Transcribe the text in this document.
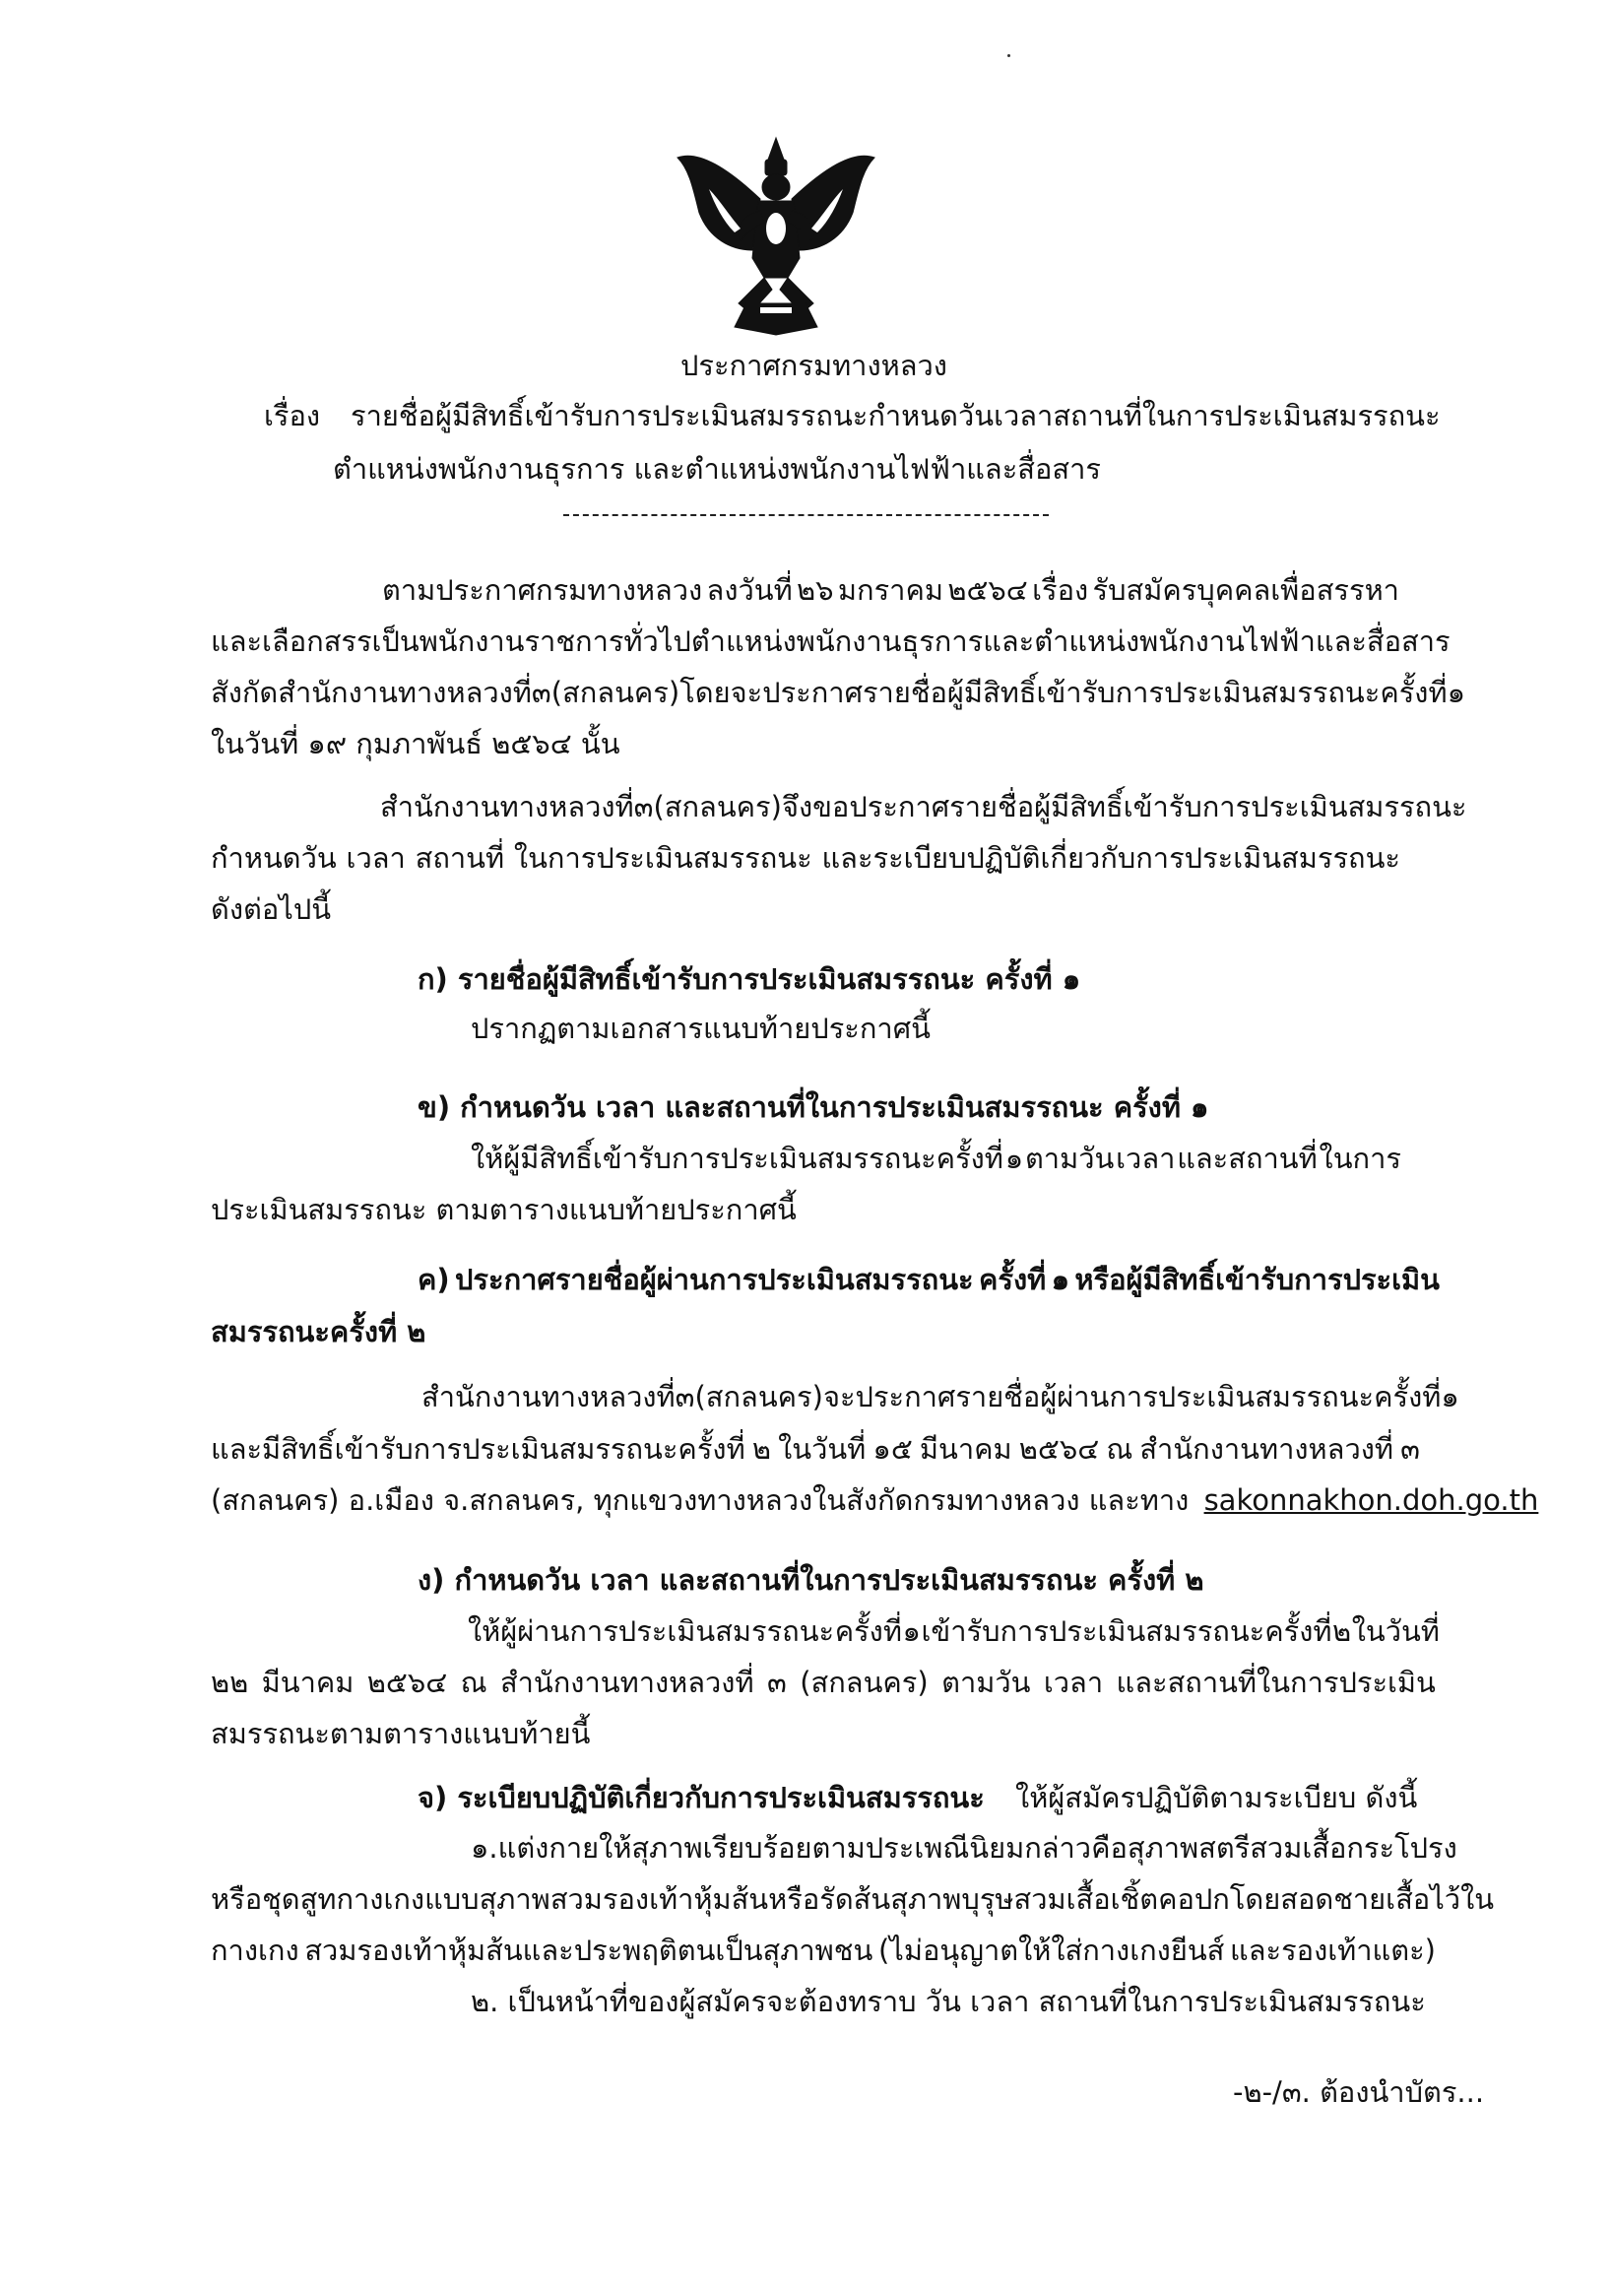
ประกาศกรมทางหลวง
เรื่อง รายชื่อผู้มีสิทธิ์เข้ารับการประเมินสมรรถนะ กำหนด วัน เวลา สถานที่ในการประเมินสมรรถนะ
ตำแหน่งพนักงานธุรการ และตำแหน่งพนักงานไฟฟ้าและสื่อสาร
ตามประกาศกรมทางหลวง ลงวันที่ ๒๖ มกราคม ๒๕๖๔ เรื่อง รับสมัครบุคคลเพื่อสรรหา
และเลือกสรรเป็นพนักงานราชการทั่วไป ตำแหน่งพนักงานธุรการ และตำแหน่งพนักงานไฟฟ้าและสื่อสาร
สังกัดสำนักงานทางหลวงที่ ๓ (สกลนคร) โดยจะประกาศรายชื่อผู้มีสิทธิ์เข้ารับการประเมินสมรรถนะครั้งที่ ๑
ในวันที่ ๑๙ กุมภาพันธ์ ๒๕๖๔ นั้น
สำนักงานทางหลวงที่ ๓ (สกลนคร) จึงขอประกาศรายชื่อผู้มีสิทธิ์เข้ารับการประเมินสมรรถนะ
กำหนดวัน เวลา สถานที่ ในการประเมินสมรรถนะ และระเบียบปฏิบัติเกี่ยวกับการประเมินสมรรถนะ
ดังต่อไปนี้
ก) รายชื่อผู้มีสิทธิ์เข้ารับการประเมินสมรรถนะ ครั้งที่ ๑
ปรากฏตามเอกสารแนบท้ายประกาศนี้
ข) กำหนดวัน เวลา และสถานที่ในการประเมินสมรรถนะ ครั้งที่ ๑
ให้ผู้มีสิทธิ์เข้ารับการประเมินสมรรถนะครั้งที่ ๑ ตามวัน เวลา และสถานที่ ในการ
ประเมินสมรรถนะ ตามตารางแนบท้ายประกาศนี้
ค) ประกาศรายชื่อผู้ผ่านการประเมินสมรรถนะ ครั้งที่ ๑ หรือผู้มีสิทธิ์เข้ารับการประเมิน
สมรรถนะครั้งที่ ๒
สำนักงานทางหลวงที่ ๓ (สกลนคร) จะประกาศรายชื่อผู้ผ่านการประเมินสมรรถนะครั้งที่ ๑
และมีสิทธิ์เข้ารับการประเมินสมรรถนะครั้งที่ ๒ ในวันที่ ๑๕ มีนาคม ๒๕๖๔ ณ สำนักงานทางหลวงที่ ๓
(สกลนคร) อ.เมือง จ.สกลนคร, ทุกแขวงทางหลวงในสังกัดกรมทางหลวง และทาง sakonnakhon.doh.go.th
ง) กำหนดวัน เวลา และสถานที่ในการประเมินสมรรถนะ ครั้งที่ ๒
ให้ผู้ผ่านการประเมินสมรรถนะ ครั้งที่ ๑ เข้ารับการประเมินสมรรถนะครั้งที่ ๒ ในวันที่
๒๒ มีนาคม ๒๕๖๔ ณ สำนักงานทางหลวงที่ ๓ (สกลนคร) ตามวัน เวลา และสถานที่ในการประเมิน
สมรรถนะตามตารางแนบท้ายนี้
จ) ระเบียบปฏิบัติเกี่ยวกับการประเมินสมรรถนะ ให้ผู้สมัครปฏิบัติตามระเบียบ ดังนี้
๑. แต่งกายให้สุภาพเรียบร้อยตามประเพณีนิยม กล่าวคือ สุภาพสตรีสวมเสื้อกระโปรง
หรือชุดสูทกางเกงแบบสุภาพ สวมรองเท้าหุ้มส้นหรือรัดส้น สุภาพบุรุษสวมเสื้อเชิ้ตคอปก โดยสอดชายเสื้อไว้ใน
กางเกง สวมรองเท้าหุ้มส้นและประพฤติตนเป็นสุภาพชน (ไม่อนุญาตให้ใส่กางเกงยีนส์ และรองเท้าแตะ)
๒. เป็นหน้าที่ของผู้สมัครจะต้องทราบ วัน เวลา สถานที่ในการประเมินสมรรถนะ
-๒-/๓. ต้องนำบัตร...
